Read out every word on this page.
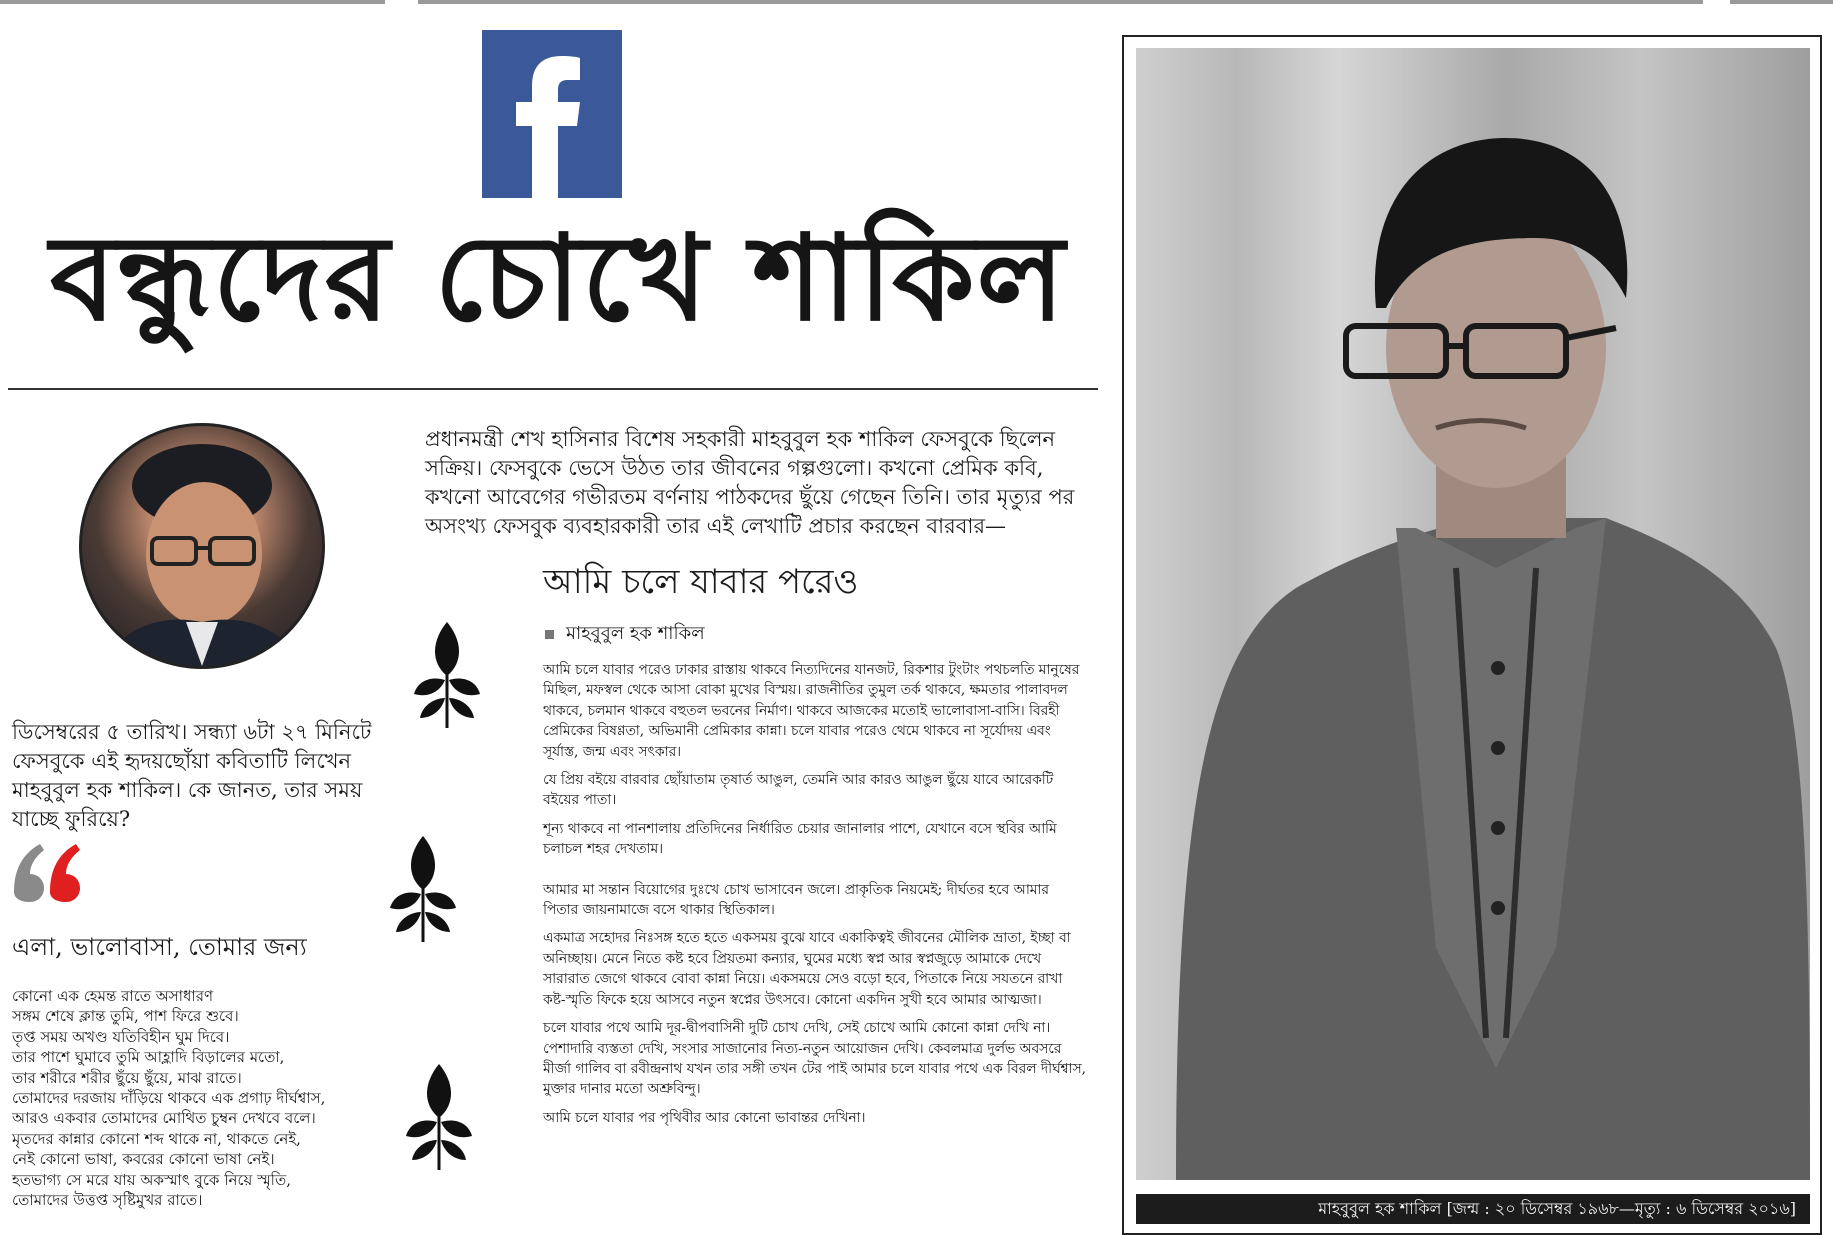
বন্ধুদের চোখে শাকিল
ডিসেম্বরের ৫ তারিখ। সন্ধ্যা ৬টা ২৭ মিনিটে ফেসবুকে এই হৃদয়ছোঁয়া কবিতাটি লিখেন মাহবুবুল হক শাকিল। কে জানত, তার সময় যাচ্ছে ফুরিয়ে?
এলা, ভালোবাসা, তোমার জন্য
কোনো এক হেমন্ত রাতে অসাধারণ
সঙ্গম শেষে ক্লান্ত তুমি, পাশ ফিরে শুবে।
তৃপ্ত সময় অখণ্ড যতিবিহীন ঘুম দিবে।
তার পাশে ঘুমাবে তুমি আহ্লাদি বিড়ালের মতো,
তার শরীরে শরীর ছুঁয়ে ছুঁয়ে, মাঝ রাতে।
তোমাদের দরজায় দাঁড়িয়ে থাকবে এক প্রগাঢ় দীর্ঘশ্বাস,
আরও একবার তোমাদের মোথিত চুম্বন দেখবে বলে।
মৃতদের কান্নার কোনো শব্দ থাকে না, থাকতে নেই,
নেই কোনো ভাষা, কবরের কোনো ভাষা নেই।
হতভাগ্য সে মরে যায় অকস্মাৎ বুকে নিয়ে স্মৃতি,
তোমাদের উত্তপ্ত সৃষ্টিমুখর রাতে।
প্রধানমন্ত্রী শেখ হাসিনার বিশেষ সহকারী মাহবুবুল হক শাকিল ফেসবুকে ছিলেন সক্রিয়। ফেসবুকে ভেসে উঠত তার জীবনের গল্পগুলো। কখনো প্রেমিক কবি, কখনো আবেগের গভীরতম বর্ণনায় পাঠকদের ছুঁয়ে গেছেন তিনি। তার মৃত্যুর পর অসংখ্য ফেসবুক ব্যবহারকারী তার এই লেখাটি প্রচার করছেন বারবার—
আমি চলে যাবার পরেও
মাহবুবুল হক শাকিল

আমি চলে যাবার পরেও ঢাকার রাস্তায় থাকবে নিত্যদিনের যানজট, রিকশার টুংটাং পথচলতি মানুষের মিছিল, মফস্বল থেকে আসা বোকা মুখের বিস্ময়। রাজনীতির তুমুল তর্ক থাকবে, ক্ষমতার পালাবদল থাকবে, চলমান থাকবে বহুতল ভবনের নির্মাণ। থাকবে আজকের মতোই ভালোবাসা-বাসি। বিরহী প্রেমিকের বিষণ্ণতা, অভিমানী প্রেমিকার কান্না। চলে যাবার পরেও থেমে থাকবে না সূর্যোদয় এবং সূর্যাস্ত, জন্ম এবং সৎকার।

যে প্রিয় বইয়ে বারবার ছোঁয়াতাম তৃষার্ত আঙুল, তেমনি আর কারও আঙুল ছুঁয়ে যাবে আরেকটি বইয়ের পাতা।

শূন্য থাকবে না পানশালায় প্রতিদিনের নির্ধারিত চেয়ার জানালার পাশে, যেখানে বসে স্থবির আমি চলাচল শহর দেখতাম।

আমার মা সন্তান বিয়োগের দুঃখে চোখ ভাসাবেন জলে। প্রাকৃতিক নিয়মেই; দীর্ঘতর হবে আমার পিতার জায়নামাজে বসে থাকার স্থিতিকাল।

একমাত্র সহোদর নিঃসঙ্গ হতে হতে একসময় বুঝে যাবে একাকিত্বই জীবনের মৌলিক ভ্রাতা, ইচ্ছা বা অনিচ্ছায়। মেনে নিতে কষ্ট হবে প্রিয়তমা কন্যার, ঘুমের মধ্যে স্বপ্ন আর স্বপ্নজুড়ে আমাকে দেখে সারারাত জেগে থাকবে বোবা কান্না নিয়ে। একসময়ে সেও বড়ো হবে, পিতাকে নিয়ে সযতনে রাখা কষ্ট-স্মৃতি ফিকে হয়ে আসবে নতুন স্বপ্নের উৎসবে। কোনো একদিন সুখী হবে আমার আত্মজা।

চলে যাবার পথে আমি দূর-দ্বীপবাসিনী দুটি চোখ দেখি, সেই চোখে আমি কোনো কান্না দেখি না। পেশাদারি ব্যস্ততা দেখি, সংসার সাজানোর নিত্য-নতুন আয়োজন দেখি। কেবলমাত্র দুর্লভ অবসরে মীর্জা গালিব বা রবীন্দ্রনাথ যখন তার সঙ্গী তখন টের পাই আমার চলে যাবার পথে এক বিরল দীর্ঘশ্বাস, মুক্তার দানার মতো অশ্রুবিন্দু।

আমি চলে যাবার পর পৃথিবীর আর কোনো ভাবান্তর দেখিনা।

মাহবুবুল হক শাকিল [জন্ম : ২০ ডিসেম্বর ১৯৬৮—মৃত্যু : ৬ ডিসেম্বর ২০১৬]
